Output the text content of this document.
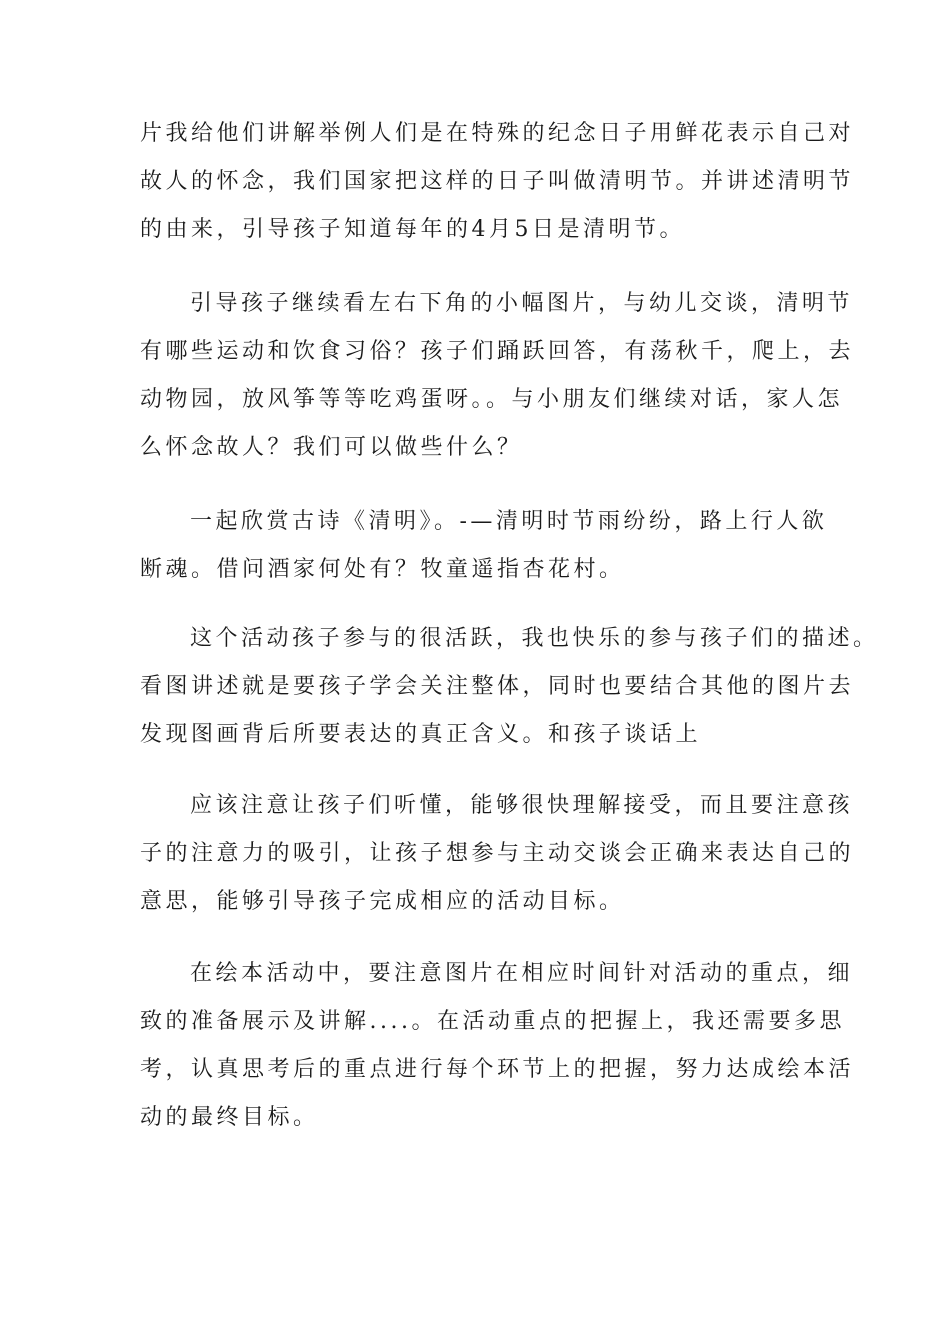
片我给他们讲解举例人们是在特殊的纪念日子用鲜花表示自己对
故人的怀念，我们国家把这样的日子叫做清明节。并讲述清明节
的由来，引导孩子知道每年的4月5日是清明节。
引导孩子继续看左右下角的小幅图片，与幼儿交谈，清明节
有哪些运动和饮食习俗？孩子们踊跃回答，有荡秋千，爬上，去
动物园，放风筝等等吃鸡蛋呀。。与小朋友们继续对话，家人怎
么怀念故人？我们可以做些什么？
一起欣赏古诗《清明》。-—清明时节雨纷纷，路上行人欲
断魂。借问酒家何处有？牧童遥指杏花村。
这个活动孩子参与的很活跃，我也快乐的参与孩子们的描述。
看图讲述就是要孩子学会关注整体，同时也要结合其他的图片去
发现图画背后所要表达的真正含义。和孩子谈话上
应该注意让孩子们听懂，能够很快理解接受，而且要注意孩
子的注意力的吸引，让孩子想参与主动交谈会正确来表达自己的
意思，能够引导孩子完成相应的活动目标。
在绘本活动中，要注意图片在相应时间针对活动的重点，细
致的准备展示及讲解....。在活动重点的把握上，我还需要多思
考，认真思考后的重点进行每个环节上的把握，努力达成绘本活
动的最终目标。
